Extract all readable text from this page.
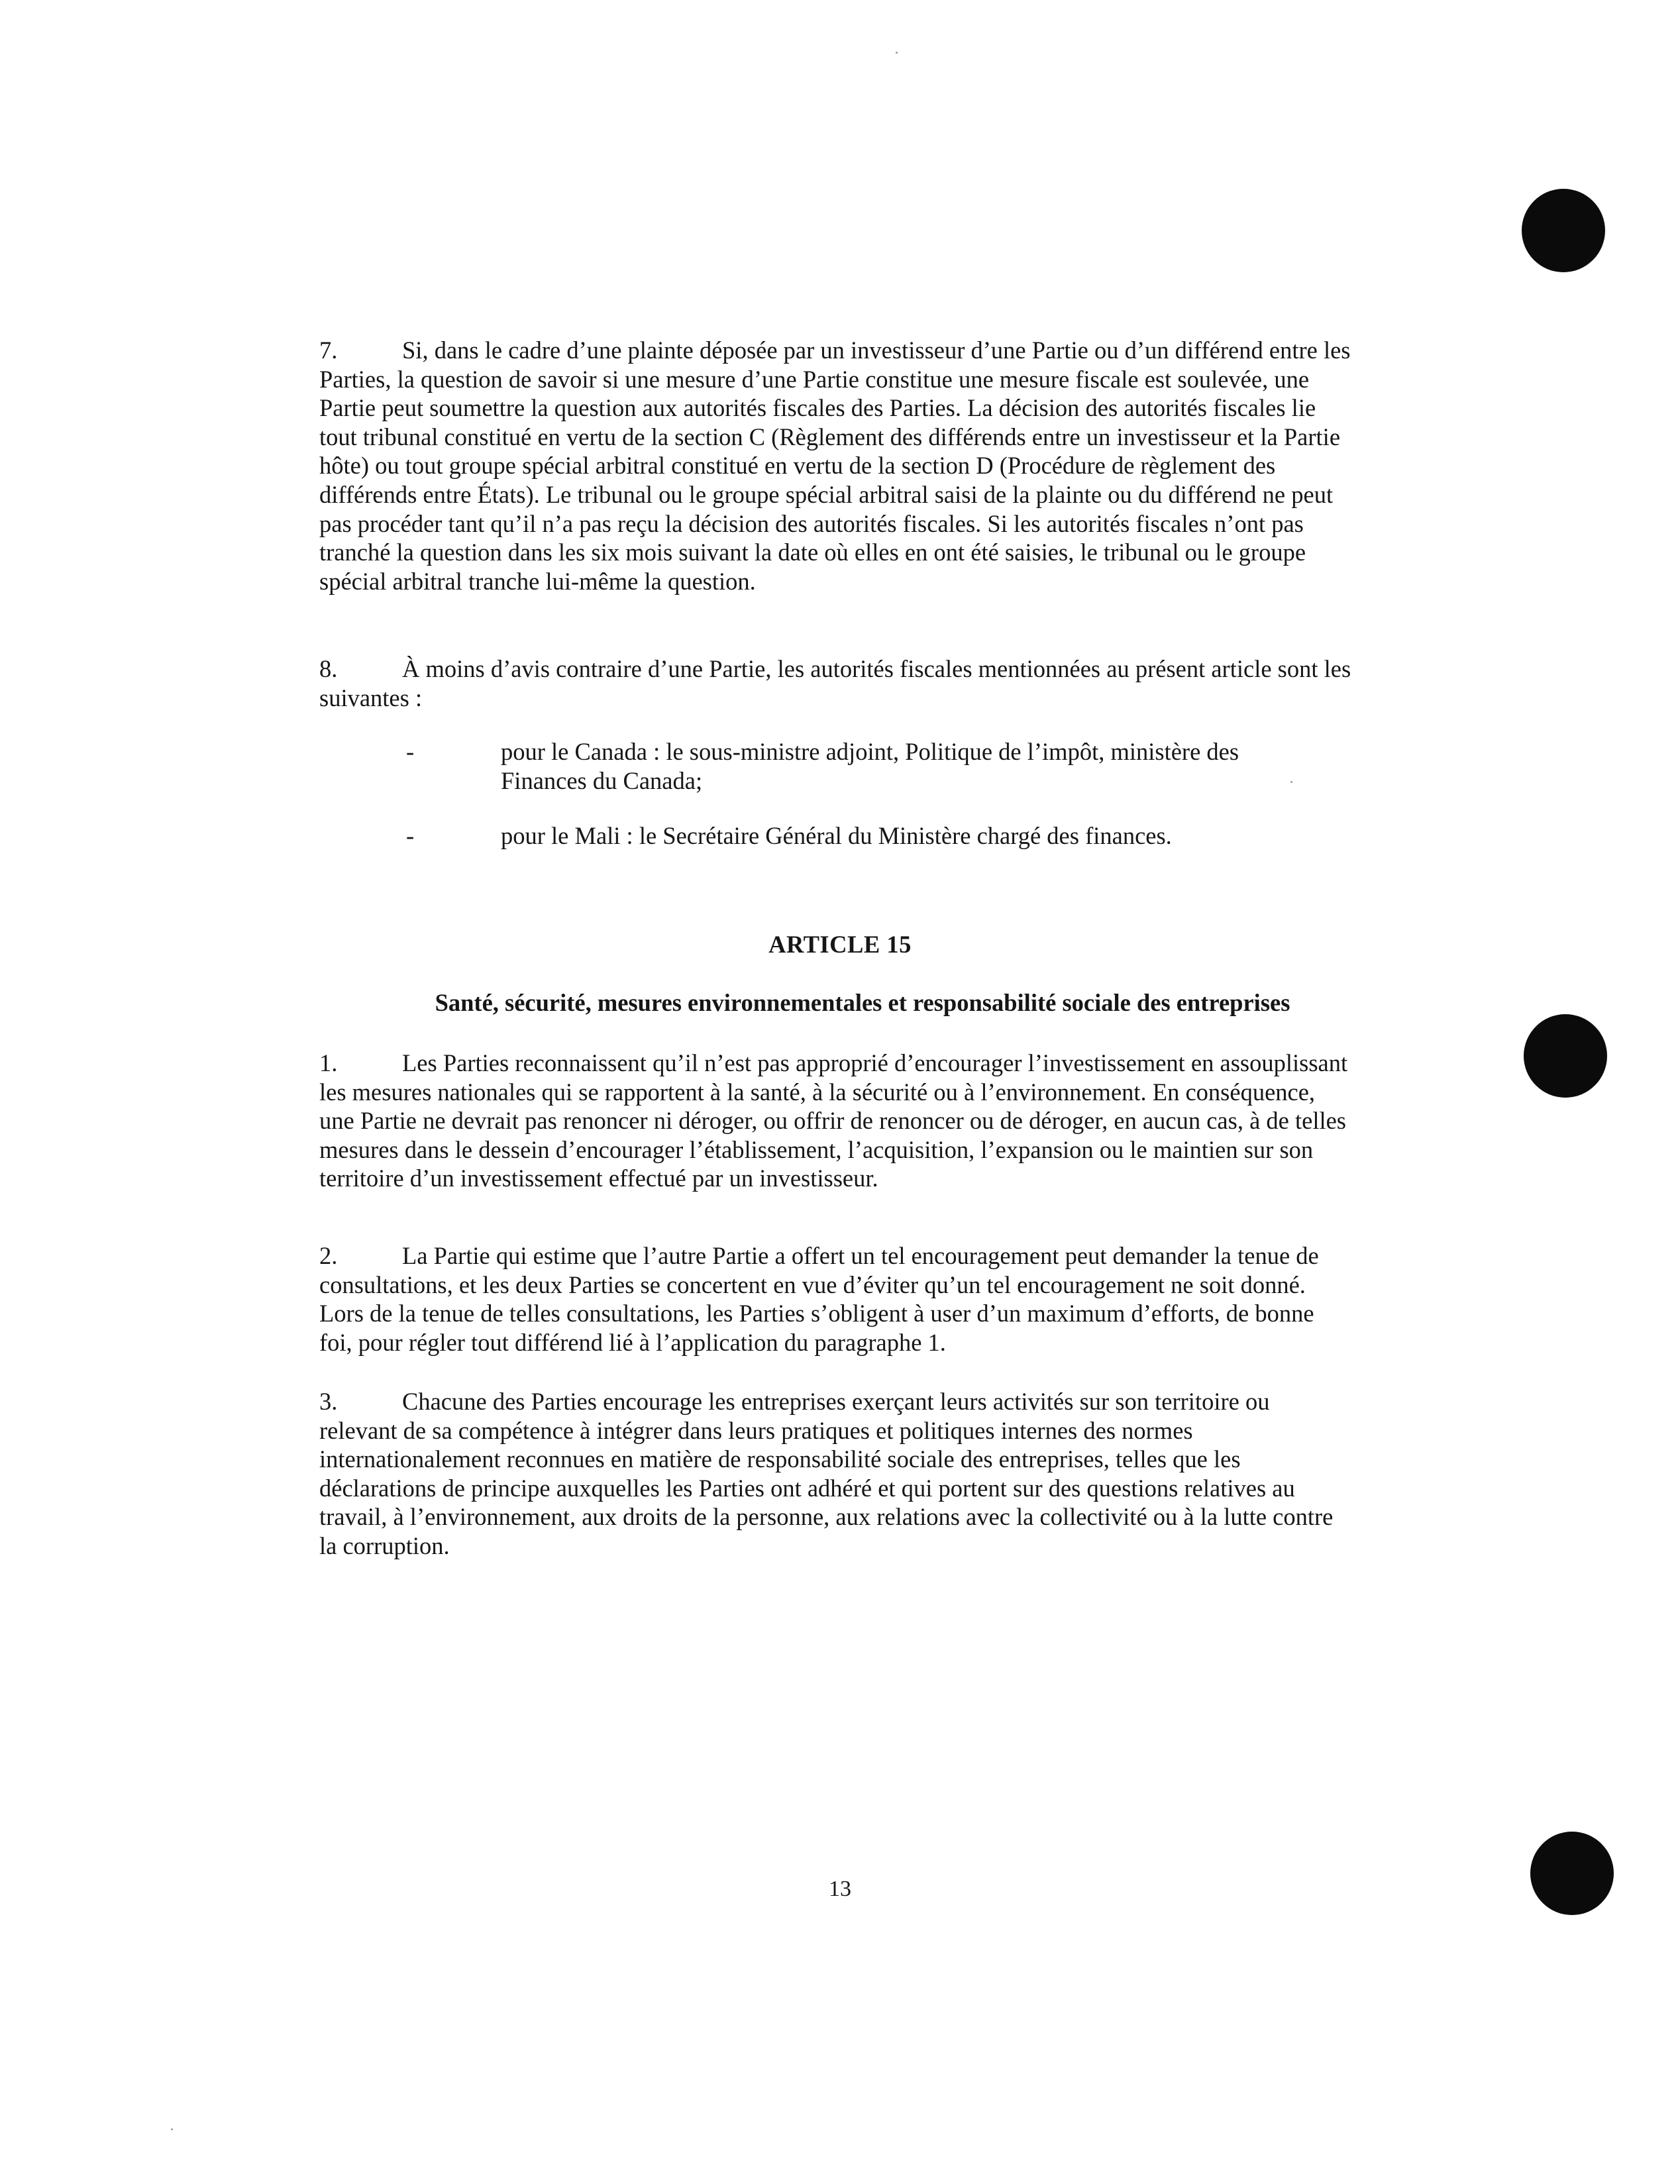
7.	Si, dans le cadre d’une plainte déposée par un investisseur d’une Partie ou d’un différend entre les Parties, la question de savoir si une mesure d’une Partie constitue une mesure fiscale est soulevée, une Partie peut soumettre la question aux autorités fiscales des Parties. La décision des autorités fiscales lie tout tribunal constitué en vertu de la section C (Règlement des différends entre un investisseur et la Partie hôte) ou tout groupe spécial arbitral constitué en vertu de la section D (Procédure de règlement des différends entre États). Le tribunal ou le groupe spécial arbitral saisi de la plainte ou du différend ne peut pas procéder tant qu’il n’a pas reçu la décision des autorités fiscales. Si les autorités fiscales n’ont pas tranché la question dans les six mois suivant la date où elles en ont été saisies, le tribunal ou le groupe spécial arbitral tranche lui-même la question.

8.	À moins d’avis contraire d’une Partie, les autorités fiscales mentionnées au présent article sont les suivantes :

-	pour le Canada : le sous-ministre adjoint, Politique de l’impôt, ministère des Finances du Canada;
-	pour le Mali : le Secrétaire Général du Ministère chargé des finances.
ARTICLE 15
Santé, sécurité, mesures environnementales et responsabilité sociale des entreprises

1.	Les Parties reconnaissent qu’il n’est pas approprié d’encourager l’investissement en assouplissant les mesures nationales qui se rapportent à la santé, à la sécurité ou à l’environnement. En conséquence, une Partie ne devrait pas renoncer ni déroger, ou offrir de renoncer ou de déroger, en aucun cas, à de telles mesures dans le dessein d’encourager l’établissement, l’acquisition, l’expansion ou le maintien sur son territoire d’un investissement effectué par un investisseur.

2.	La Partie qui estime que l’autre Partie a offert un tel encouragement peut demander la tenue de consultations, et les deux Parties se concertent en vue d’éviter qu’un tel encouragement ne soit donné. Lors de la tenue de telles consultations, les Parties s’obligent à user d’un maximum d’efforts, de bonne foi, pour régler tout différend lié à l’application du paragraphe 1.

3.	Chacune des Parties encourage les entreprises exerçant leurs activités sur son territoire ou relevant de sa compétence à intégrer dans leurs pratiques et politiques internes des normes internationalement reconnues en matière de responsabilité sociale des entreprises, telles que les déclarations de principe auxquelles les Parties ont adhéré et qui portent sur des questions relatives au travail, à l’environnement, aux droits de la personne, aux relations avec la collectivité ou à la lutte contre la corruption.

13
